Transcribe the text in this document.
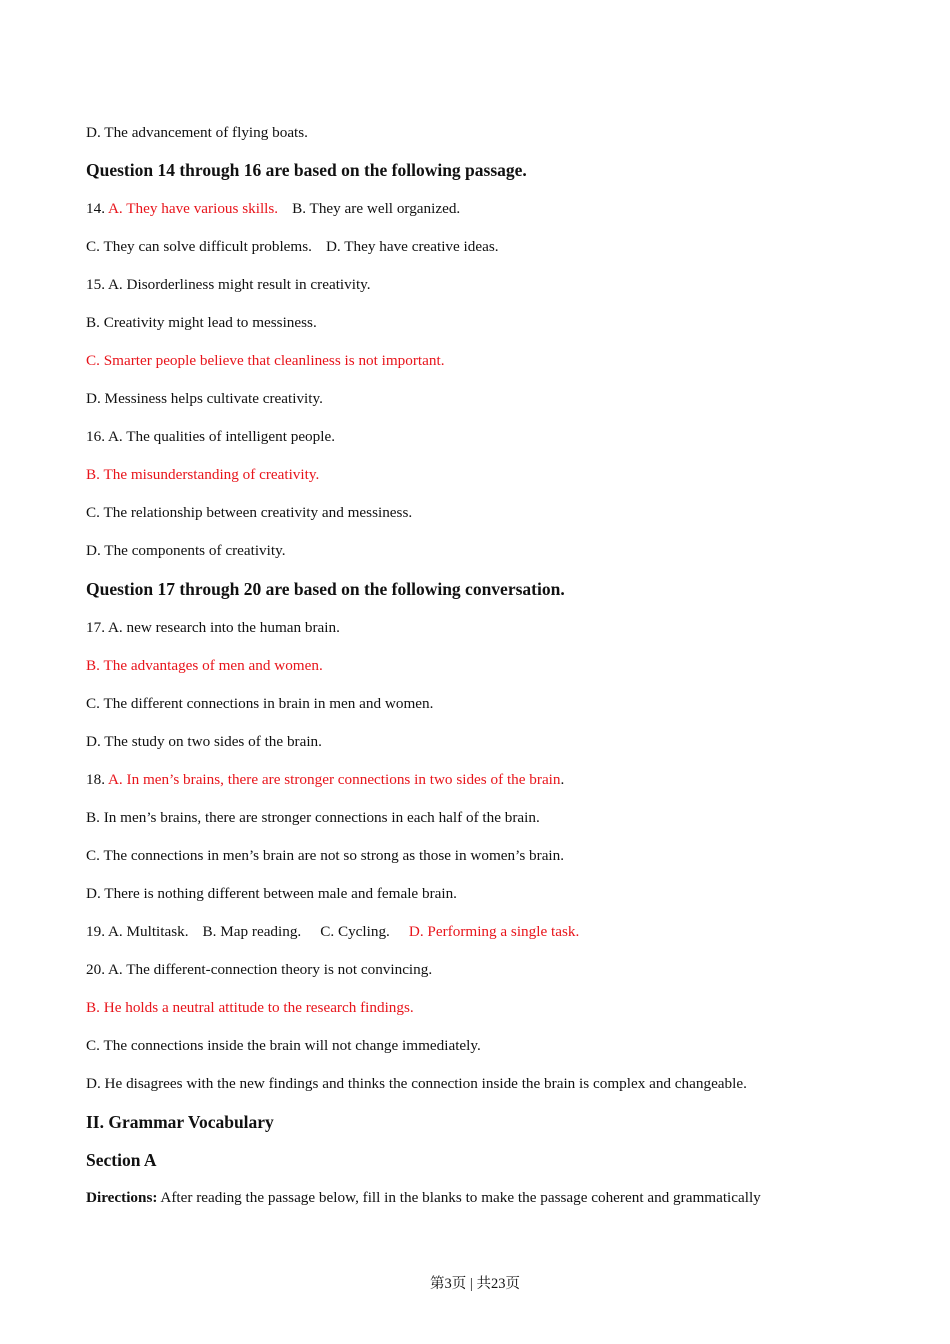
D. The advancement of flying boats.
Question 14 through 16 are based on the following passage.
14. A. They have various skills. B. They are well organized.
C. They can solve difficult problems. D. They have creative ideas.
15. A. Disorderliness might result in creativity.
B. Creativity might lead to messiness.
C. Smarter people believe that cleanliness is not important.
D. Messiness helps cultivate creativity.
16. A. The qualities of intelligent people.
B. The misunderstanding of creativity.
C. The relationship between creativity and messiness.
D. The components of creativity.
Question 17 through 20 are based on the following conversation.
17. A. new research into the human brain.
B. The advantages of men and women.
C. The different connections in brain in men and women.
D. The study on two sides of the brain.
18. A. In men’s brains, there are stronger connections in two sides of the brain.
B. In men’s brains, there are stronger connections in each half of the brain.
C. The connections in men’s brain are not so strong as those in women’s brain.
D. There is nothing different between male and female brain.
19. A. Multitask. B. Map reading. C. Cycling. D. Performing a single task.
20. A. The different-connection theory is not convincing.
B. He holds a neutral attitude to the research findings.
C. The connections inside the brain will not change immediately.
D. He disagrees with the new findings and thinks the connection inside the brain is complex and changeable.
II. Grammar Vocabulary
Section A
Directions: After reading the passage below, fill in the blanks to make the passage coherent and grammatically
第3页 | 共23页
